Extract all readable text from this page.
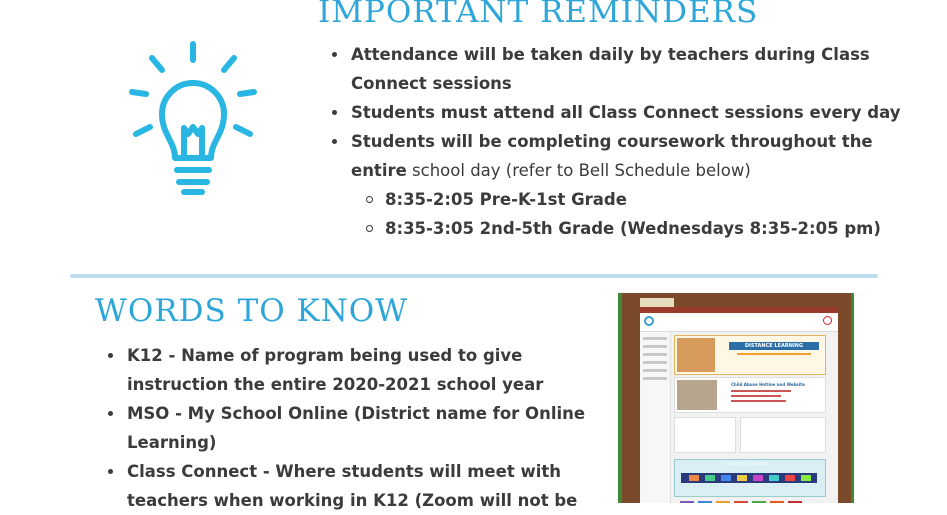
IMPORTANT REMINDERS
Attendance will be taken daily by teachers during Class Connect sessions
Students must attend all Class Connect sessions every day
Students will be completing coursework throughout the entire school day (refer to Bell Schedule below)
8:35-2:05 Pre-K-1st Grade
8:35-3:05 2nd-5th Grade (Wednesdays 8:35-2:05 pm)
WORDS TO KNOW
K12 - Name of program being used to give instruction the entire 2020-2021 school year
MSO - My School Online (District name for Online Learning)
Class Connect - Where students will meet with teachers when working in K12 (Zoom will not be
DISTANCE LEARNING
Child Abuse Hotline and Website
eLearning Toolbox
